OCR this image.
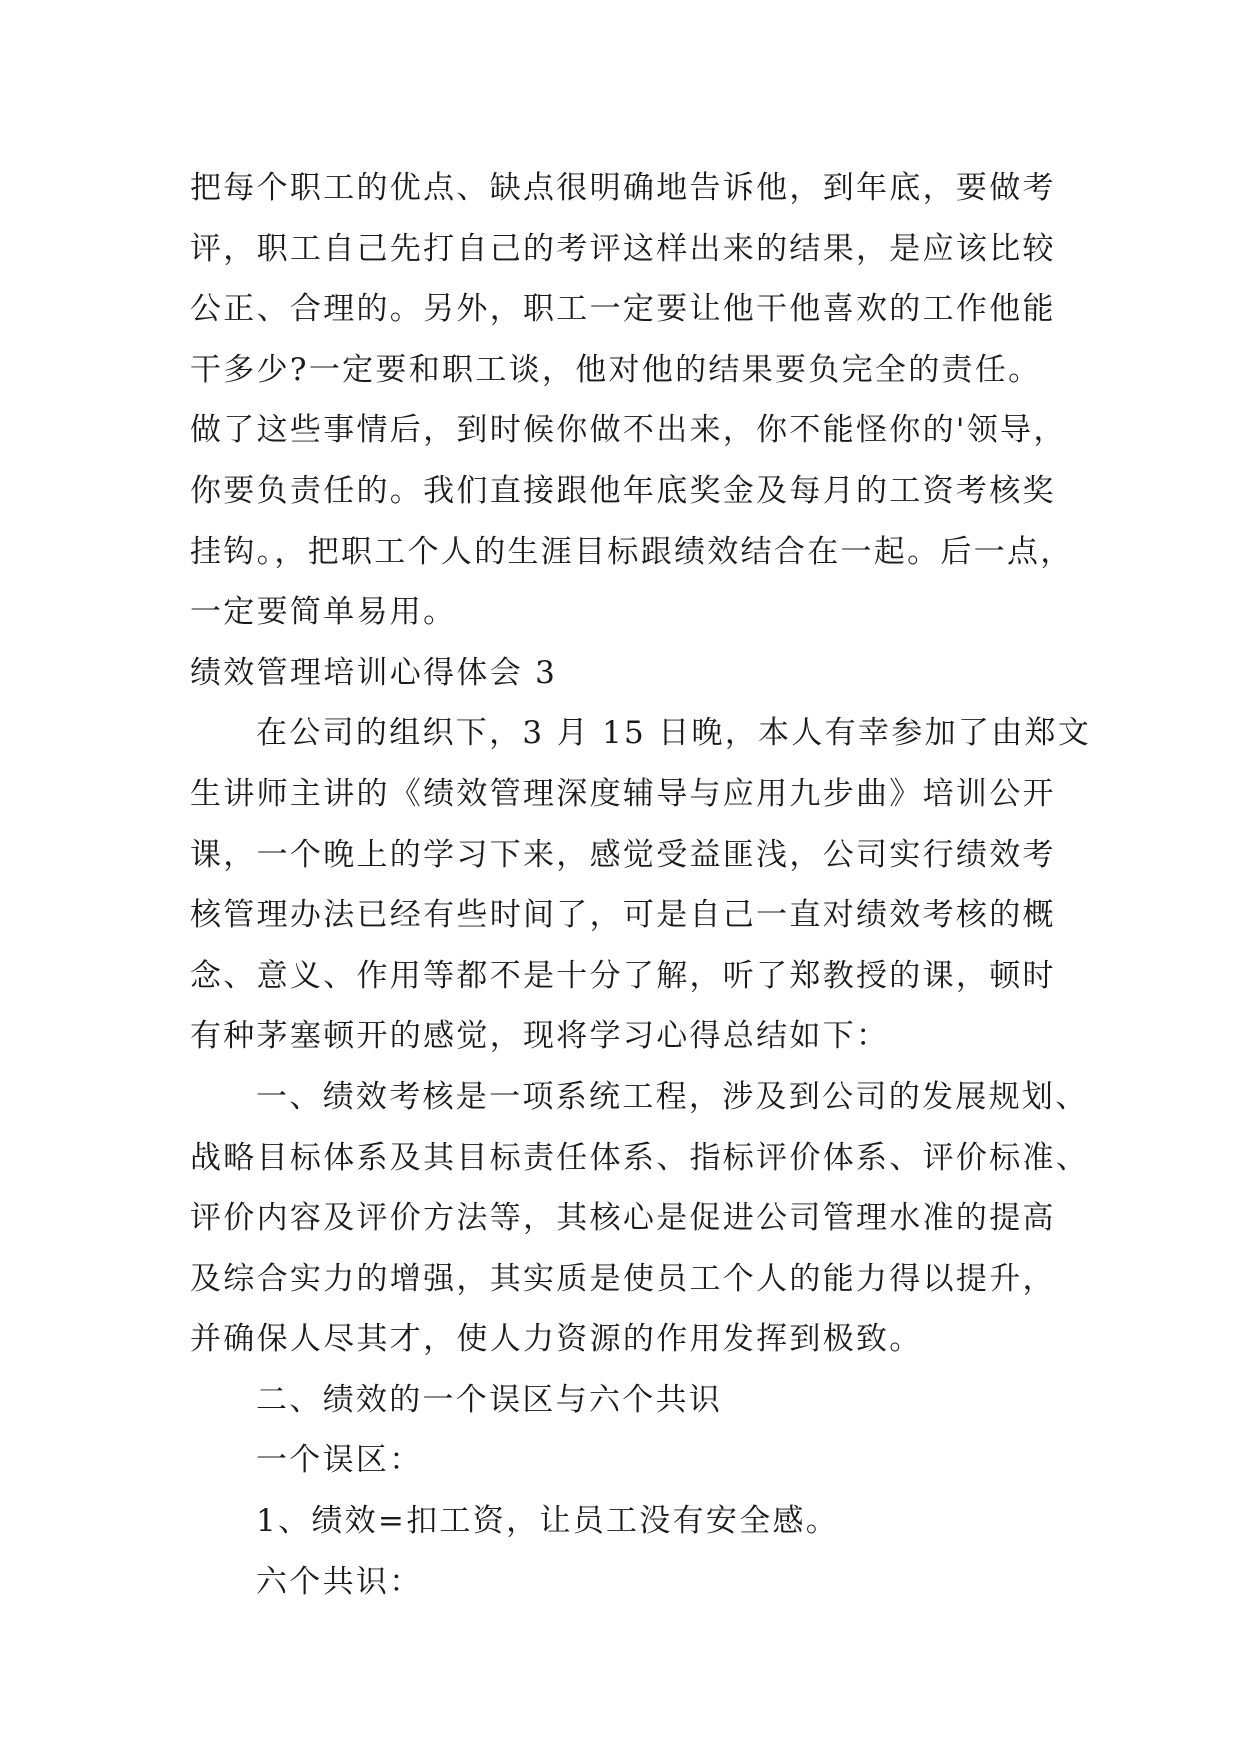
把每个职工的优点、缺点很明确地告诉他，到年底，要做考
评，职工自己先打自己的考评这样出来的结果，是应该比较
公正、合理的。另外，职工一定要让他干他喜欢的工作他能
干多少?一定要和职工谈，他对他的结果要负完全的责任。
做了这些事情后，到时候你做不出来，你不能怪你的'领导，
你要负责任的。我们直接跟他年底奖金及每月的工资考核奖
挂钩。，把职工个人的生涯目标跟绩效结合在一起。后一点，
一定要简单易用。
绩效管理培训心得体会 3
在公司的组织下，3 月 15 日晚，本人有幸参加了由郑文
生讲师主讲的《绩效管理深度辅导与应用九步曲》培训公开
课，一个晚上的学习下来，感觉受益匪浅，公司实行绩效考
核管理办法已经有些时间了，可是自己一直对绩效考核的概
念、意义、作用等都不是十分了解，听了郑教授的课，顿时
有种茅塞顿开的感觉，现将学习心得总结如下：
一、绩效考核是一项系统工程，涉及到公司的发展规划、
战略目标体系及其目标责任体系、指标评价体系、评价标准、
评价内容及评价方法等，其核心是促进公司管理水准的提高
及综合实力的增强，其实质是使员工个人的能力得以提升，
并确保人尽其才，使人力资源的作用发挥到极致。
二、绩效的一个误区与六个共识
一个误区：
1、绩效=扣工资，让员工没有安全感。
六个共识：
